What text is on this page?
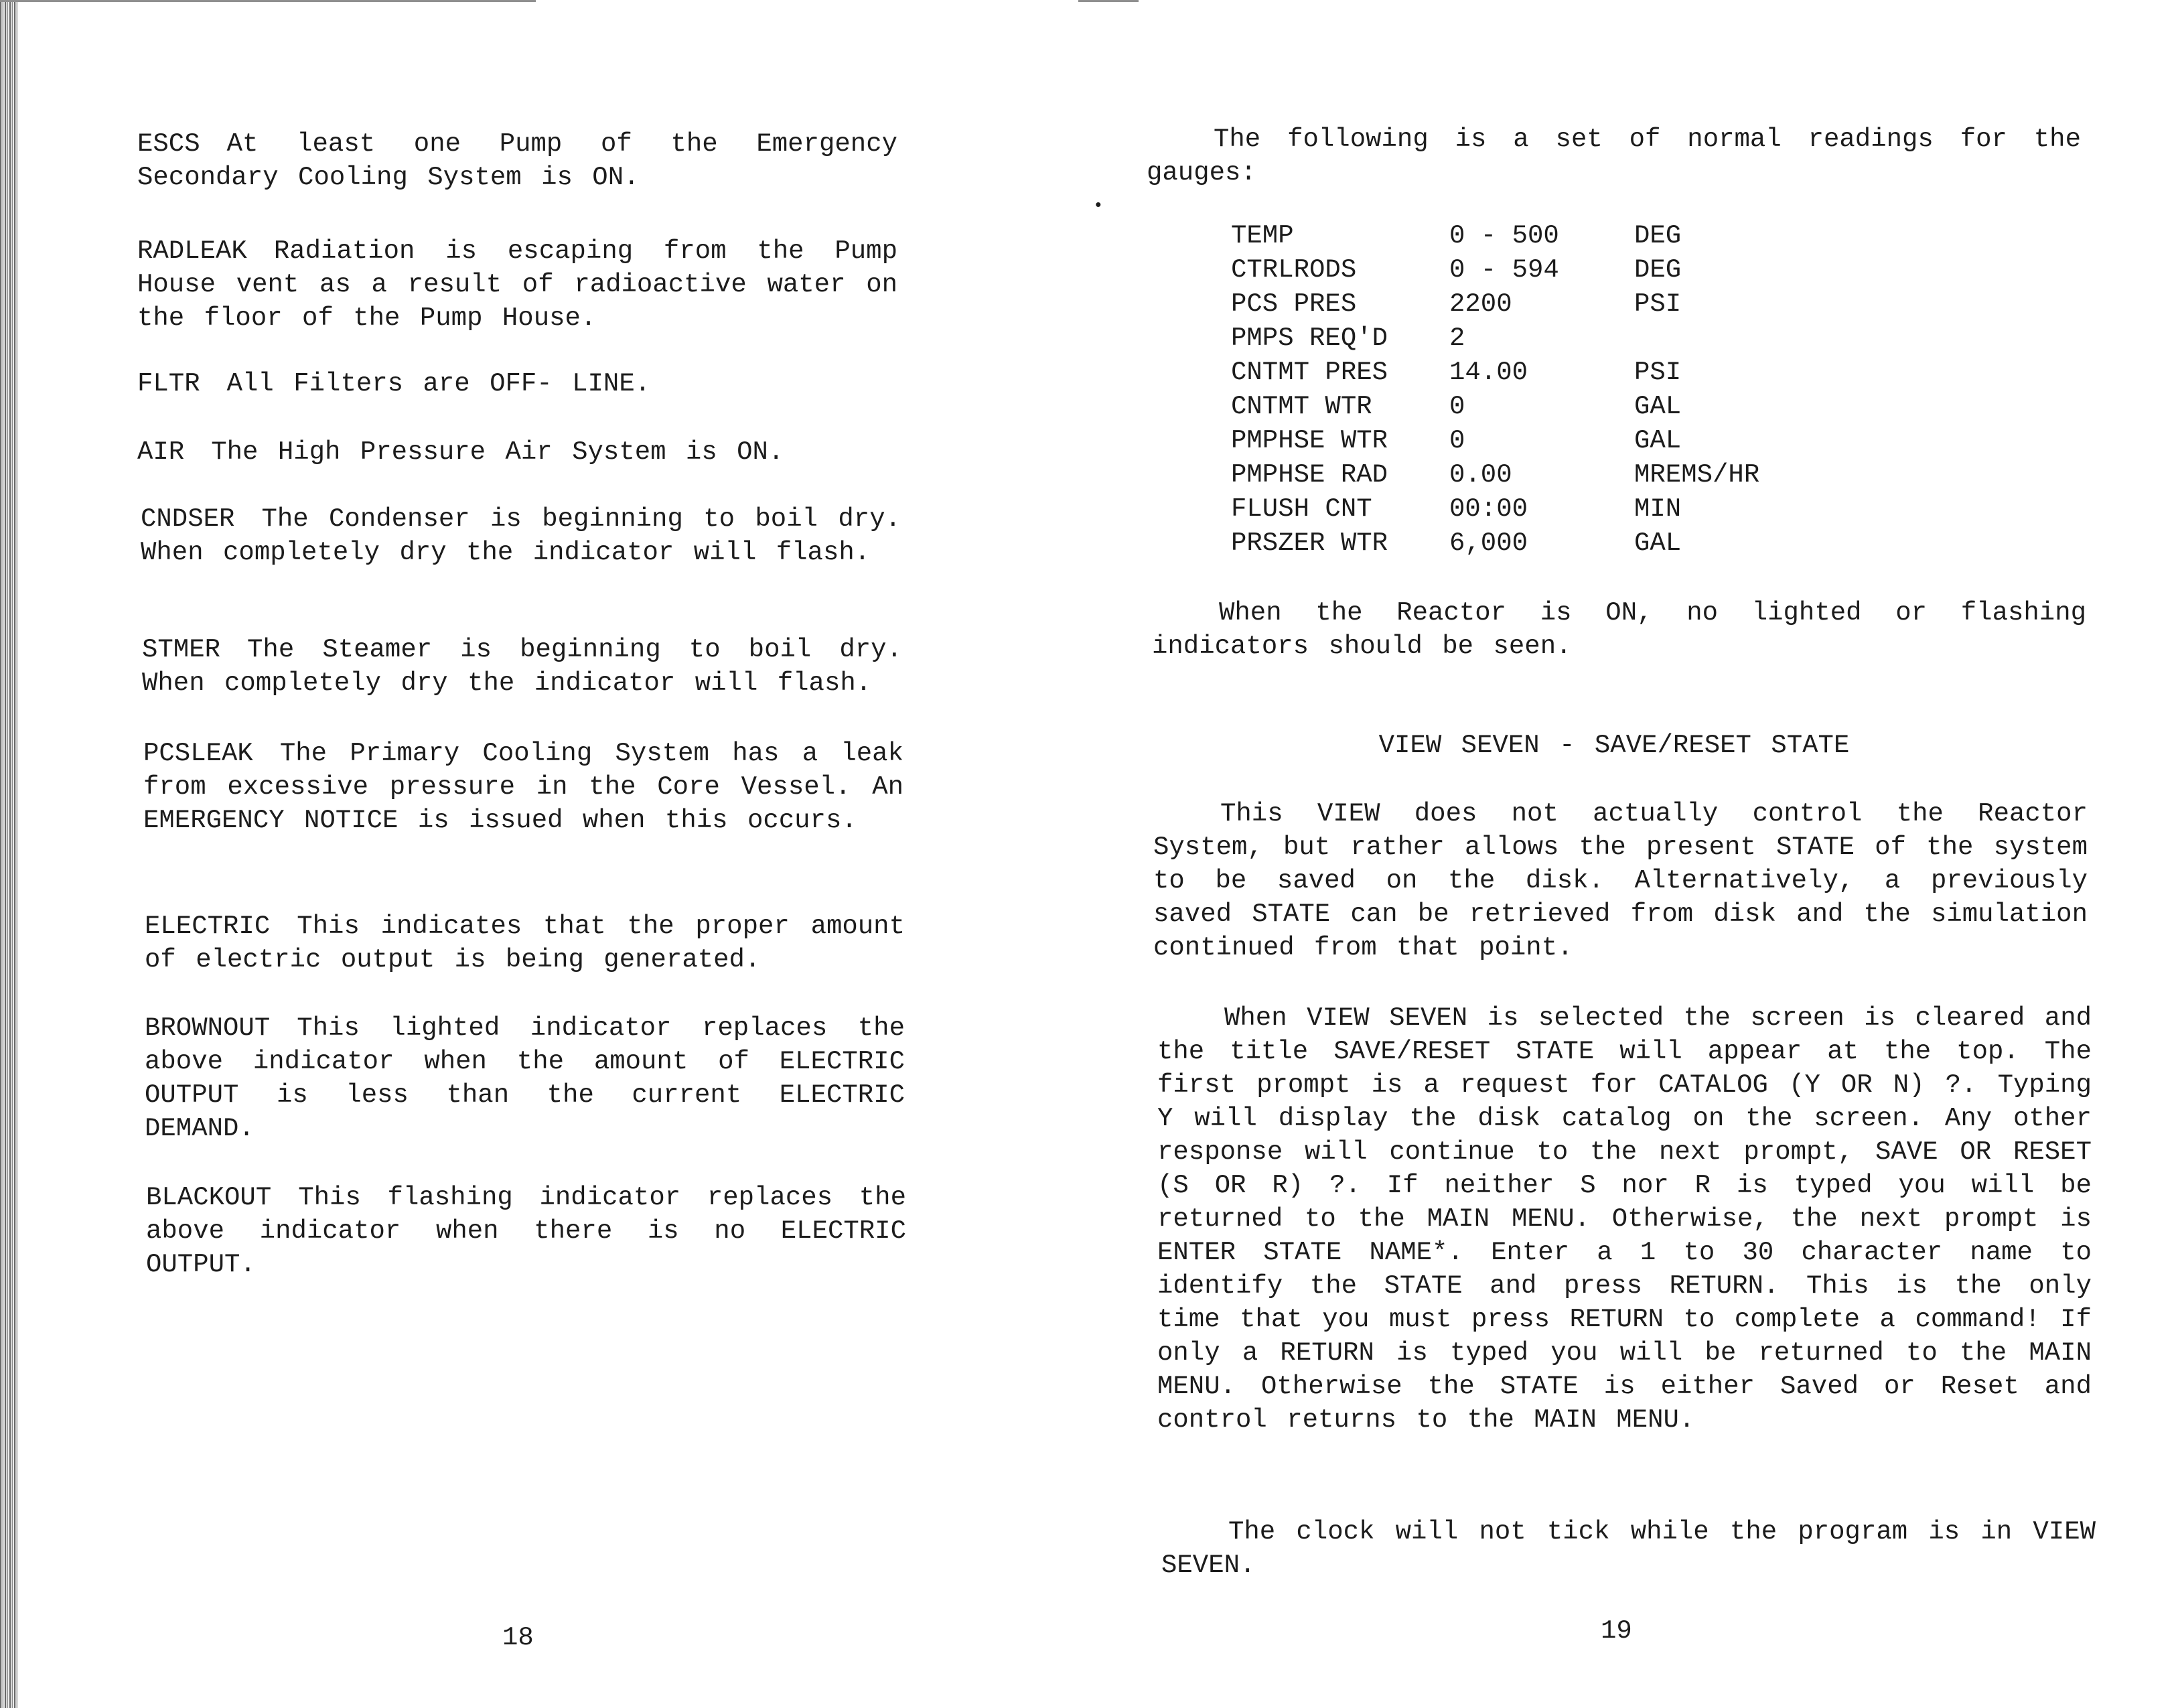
ESCS At least one Pump of the Emergency Secondary Cooling System is ON.

RADLEAK Radiation is escaping from the Pump House vent as a result of radioactive water on the floor of the Pump House.

FLTR All Filters are OFF- LINE.

AIR The High Pressure Air System is ON.

CNDSER The Condenser is beginning to boil dry. When completely dry the indicator will flash.

STMER The Steamer is beginning to boil dry. When completely dry the indicator will flash.

PCSLEAK The Primary Cooling System has a leak from excessive pressure in the Core Vessel. An EMERGENCY NOTICE is issued when this occurs.

ELECTRIC This indicates that the proper amount of electric output is being generated.

BROWNOUT This lighted indicator replaces the above indicator when the amount of ELECTRIC OUTPUT is less than the current ELECTRIC DEMAND.

BLACKOUT This flashing indicator replaces the above indicator when there is no ELECTRIC OUTPUT.

18

The following is a set of normal readings for the gauges:

•
TEMP	0 - 500	DEG
CTRLRODS	0 - 594	DEG
PCS PRES	2200	PSI
PMPS REQ'D	2	
CNTMT PRES	14.00	PSI
CNTMT WTR	0	GAL
PMPHSE WTR	0	GAL
PMPHSE RAD	0.00	MREMS/HR
FLUSH CNT	00:00	MIN
PRSZER WTR	6,000	GAL

When the Reactor is ON, no lighted or flashing indicators should be seen.

VIEW SEVEN - SAVE/RESET STATE

This VIEW does not actually control the Reactor System, but rather allows the present STATE of the system to be saved on the disk. Alternatively, a previously saved STATE can be retrieved from disk and the simulation continued from that point.

When VIEW SEVEN is selected the screen is cleared and the title SAVE/RESET STATE will appear at the top. The first prompt is a request for CATALOG (Y OR N) ?. Typing Y will display the disk catalog on the screen. Any other response will continue to the next prompt, SAVE OR RESET (S OR R) ?. If neither S nor R is typed you will be returned to the MAIN MENU. Otherwise, the next prompt is ENTER STATE NAME*. Enter a 1 to 30 character name to identify the STATE and press RETURN. This is the only time that you must press RETURN to complete a command! If only a RETURN is typed you will be returned to the MAIN MENU. Otherwise the STATE is either Saved or Reset and control returns to the MAIN MENU.

The clock will not tick while the program is in VIEW SEVEN.

19
